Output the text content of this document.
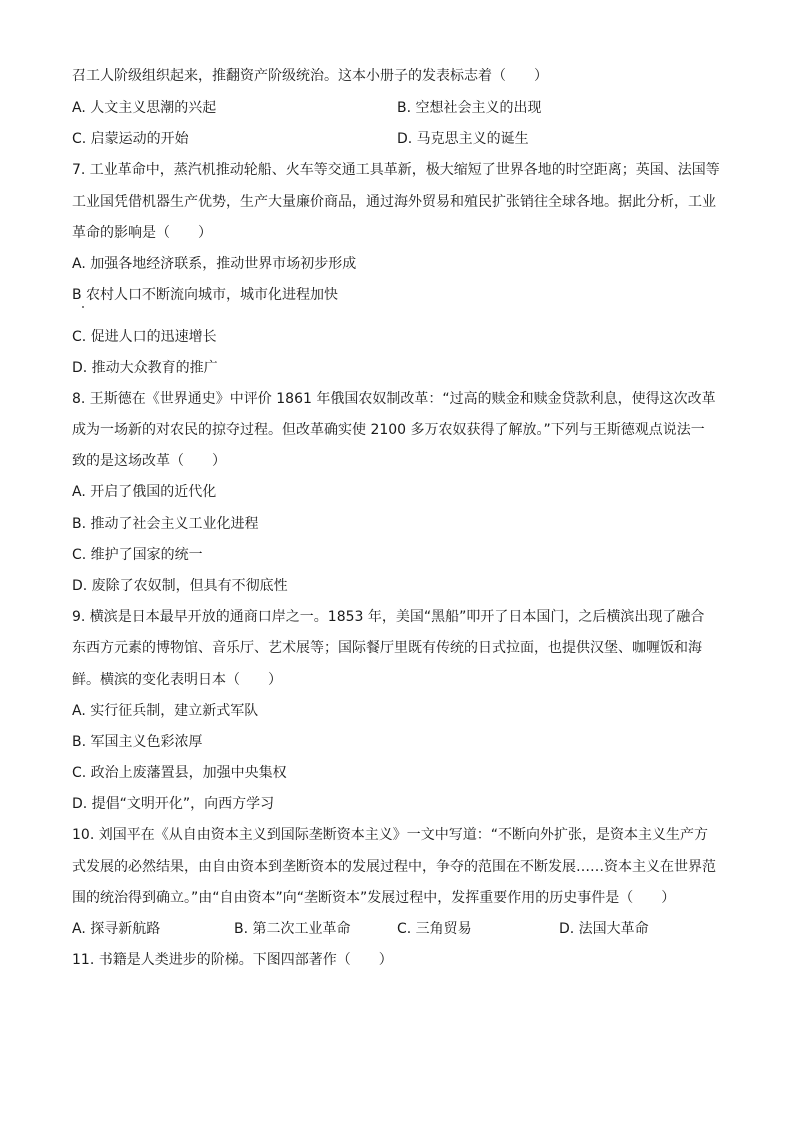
召工人阶级组织起来，推翻资产阶级统治。这本小册子的发表标志着（　　）
A. 人文主义思潮的兴起	B. 空想社会主义的出现
C. 启蒙运动的开始	D. 马克思主义的诞生
7. 工业革命中，蒸汽机推动轮船、火车等交通工具革新，极大缩短了世界各地的时空距离；英国、法国等
工业国凭借机器生产优势，生产大量廉价商品，通过海外贸易和殖民扩张销往全球各地。据此分析，工业
革命的影响是（　　）
A. 加强各地经济联系，推动世界市场初步形成
B 农村人口不断流向城市，城市化进程加快
C. 促进人口的迅速增长
D. 推动大众教育的推广
8. 王斯德在《世界通史》中评价 1861 年俄国农奴制改革：“过高的赎金和赎金贷款利息，使得这次改革
成为一场新的对农民的掠夺过程。但改革确实使 2100 多万农奴获得了解放。”下列与王斯德观点说法一
致的是这场改革（　　）
A. 开启了俄国的近代化
B. 推动了社会主义工业化进程
C. 维护了国家的统一
D. 废除了农奴制，但具有不彻底性
9. 横滨是日本最早开放的通商口岸之一。1853 年，美国“黑船”叩开了日本国门，之后横滨出现了融合
东西方元素的博物馆、音乐厅、艺术展等；国际餐厅里既有传统的日式拉面，也提供汉堡、咖喱饭和海
鲜。横滨的变化表明日本（　　）
A. 实行征兵制，建立新式军队
B. 军国主义色彩浓厚
C. 政治上废藩置县，加强中央集权
D. 提倡“文明开化”，向西方学习
10. 刘国平在《从自由资本主义到国际垄断资本主义》一文中写道：“不断向外扩张，是资本主义生产方
式发展的必然结果，由自由资本到垄断资本的发展过程中，争夺的范围在不断发展……资本主义在世界范
围的统治得到确立。”由“自由资本”向“垄断资本”发展过程中，发挥重要作用的历史事件是（　　）
A. 探寻新航路	B. 第二次工业革命	C. 三角贸易	D. 法国大革命
11. 书籍是人类进步的阶梯。下图四部著作（　　）
